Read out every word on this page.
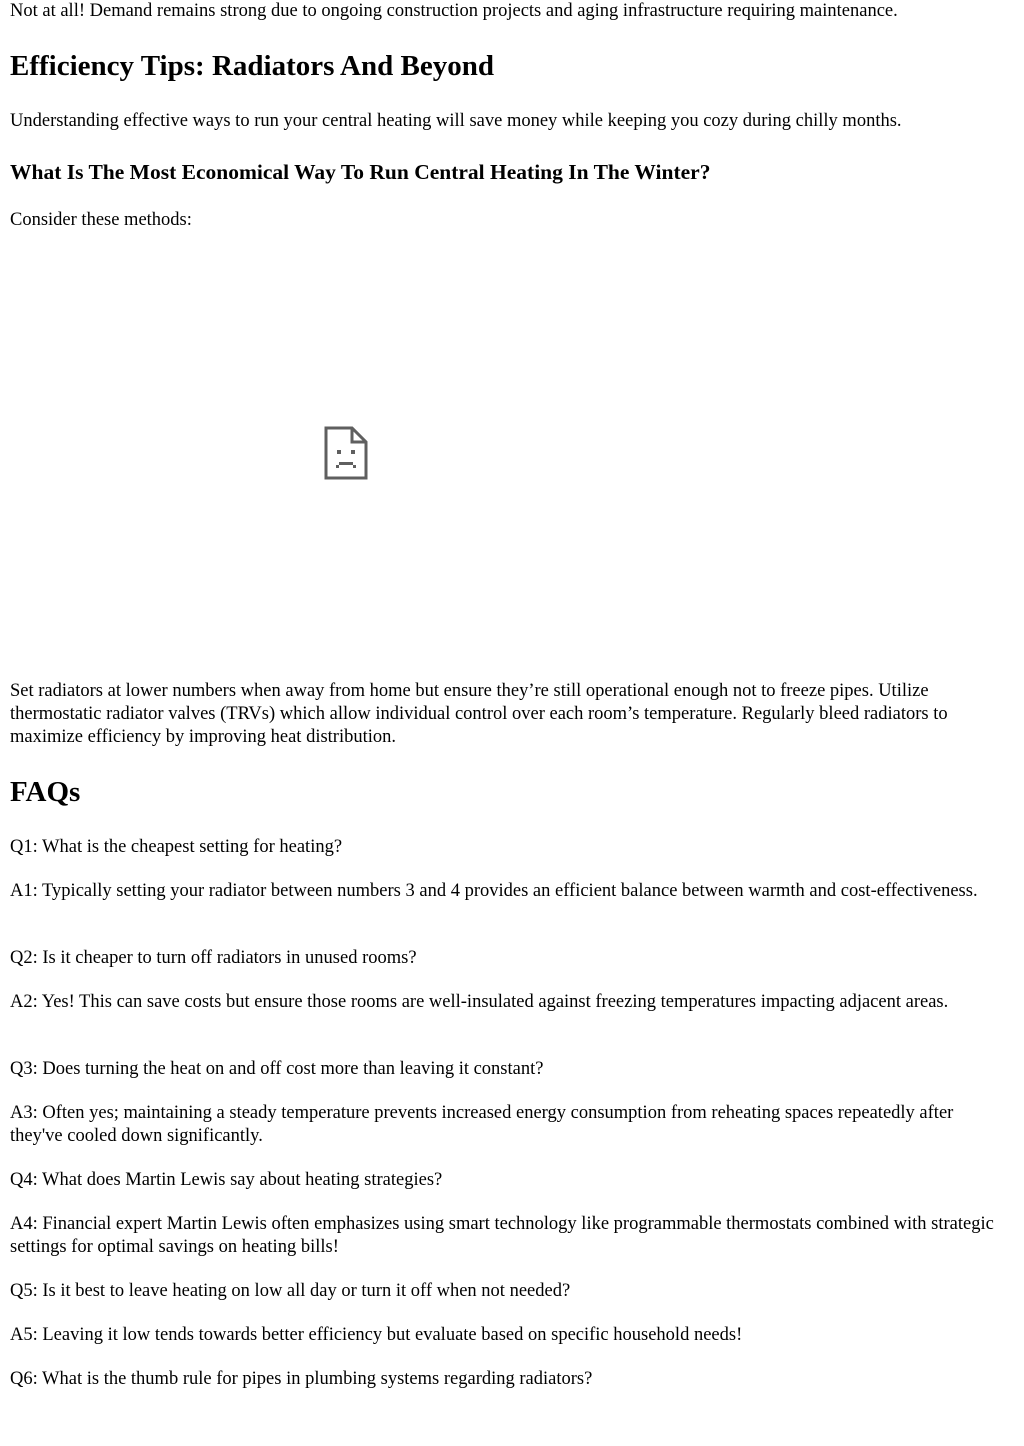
Not at all! Demand remains strong due to ongoing construction projects and aging infrastructure requiring maintenance.

Efficiency Tips: Radiators And Beyond

Understanding effective ways to run your central heating will save money while keeping you cozy during chilly months.

What Is The Most Economical Way To Run Central Heating In The Winter?

Consider these methods:

Set radiators at lower numbers when away from home but ensure they’re still operational enough not to freeze pipes. Utilize thermostatic radiator valves (TRVs) which allow individual control over each room’s temperature. Regularly bleed radiators to maximize efficiency by improving heat distribution.

FAQs

Q1: What is the cheapest setting for heating?

A1: Typically setting your radiator between numbers 3 and 4 provides an efficient balance between warmth and cost-effectiveness.

Q2: Is it cheaper to turn off radiators in unused rooms?

A2: Yes! This can save costs but ensure those rooms are well-insulated against freezing temperatures impacting adjacent areas.

Q3: Does turning the heat on and off cost more than leaving it constant?

A3: Often yes; maintaining a steady temperature prevents increased energy consumption from reheating spaces repeatedly after they've cooled down significantly.

Q4: What does Martin Lewis say about heating strategies?

A4: Financial expert Martin Lewis often emphasizes using smart technology like programmable thermostats combined with strategic settings for optimal savings on heating bills!

Q5: Is it best to leave heating on low all day or turn it off when not needed?

A5: Leaving it low tends towards better efficiency but evaluate based on specific household needs!

Q6: What is the thumb rule for pipes in plumbing systems regarding radiators?
